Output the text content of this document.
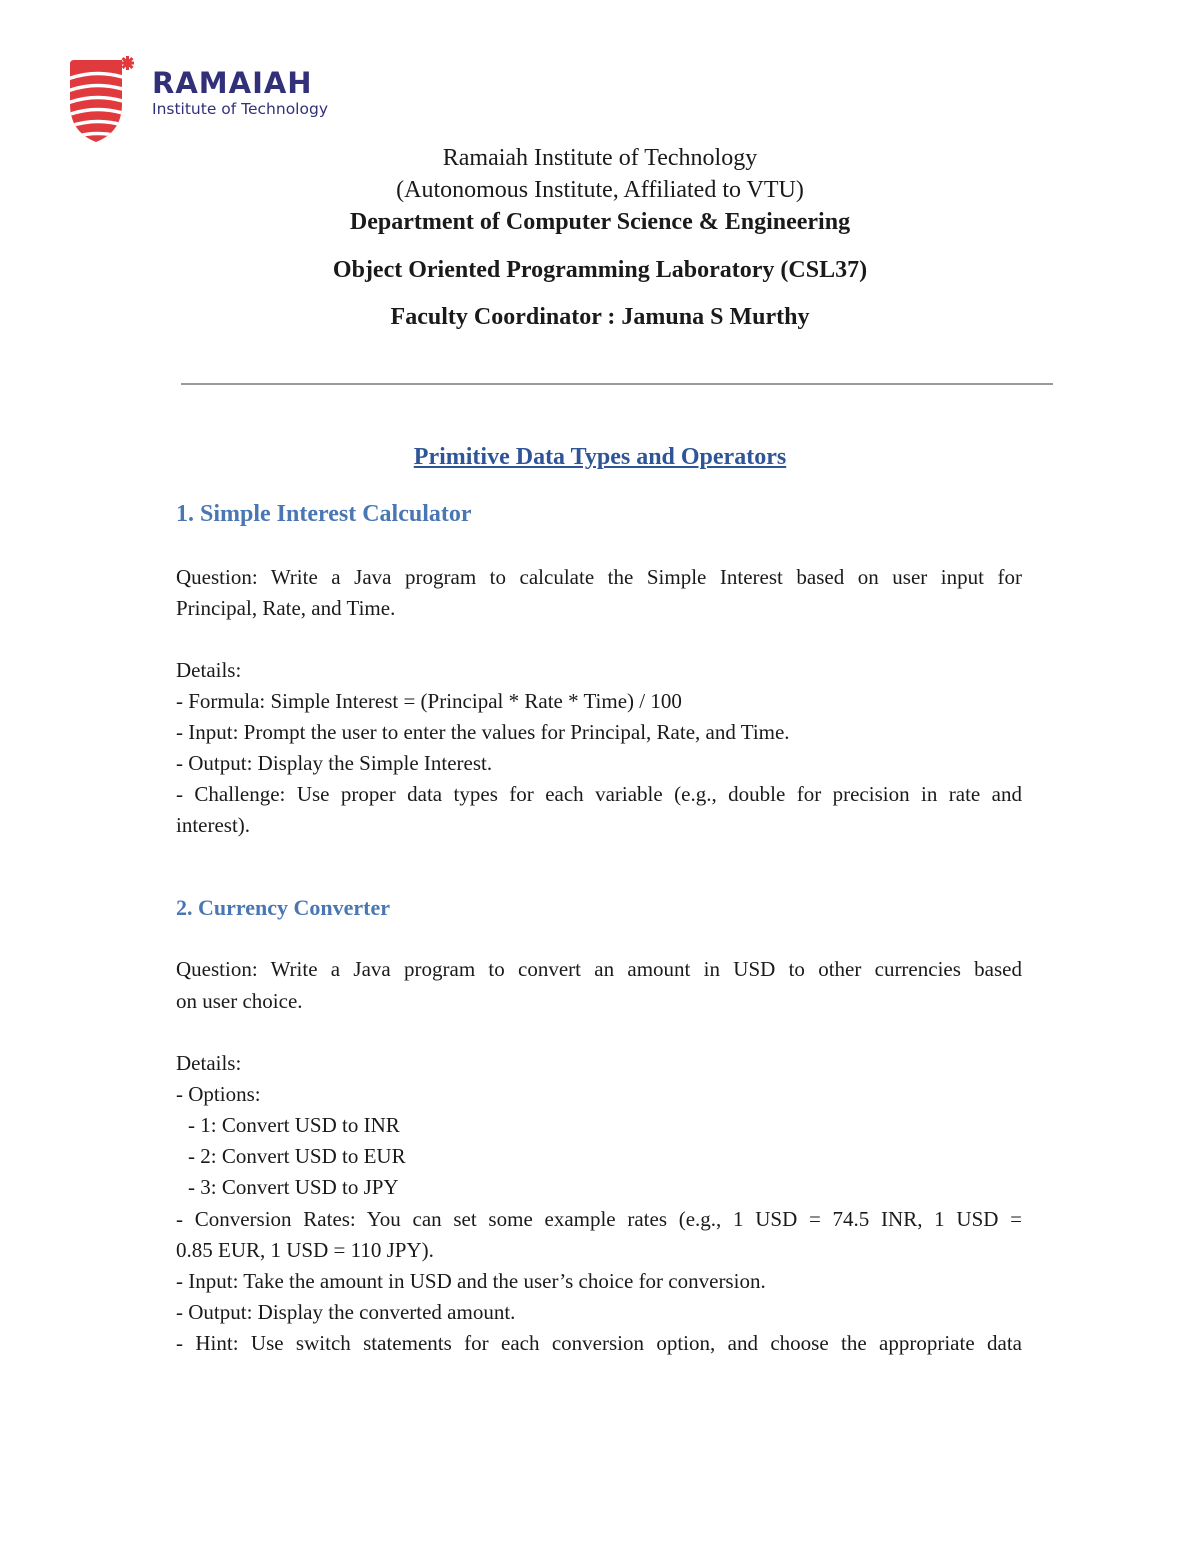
RAMAIAH
Institute of Technology

Ramaiah Institute of Technology

(Autonomous Institute, Affiliated to VTU)

Department of Computer Science & Engineering

Object Oriented Programming Laboratory (CSL37)

Faculty Coordinator : Jamuna S Murthy

Primitive Data Types and Operators

1. Simple Interest Calculator

Question: Write a Java program to calculate the Simple Interest based on user input for

Principal, Rate, and Time.

Details:

- Formula: Simple Interest = (Principal * Rate * Time) / 100

- Input: Prompt the user to enter the values for Principal, Rate, and Time.

- Output: Display the Simple Interest.

- Challenge: Use proper data types for each variable (e.g., double for precision in rate and

interest).

2. Currency Converter

Question: Write a Java program to convert an amount in USD to other currencies based

on user choice.

Details:

- Options:

- 1: Convert USD to INR

- 2: Convert USD to EUR

- 3: Convert USD to JPY

- Conversion Rates: You can set some example rates (e.g., 1 USD = 74.5 INR, 1 USD =

0.85 EUR, 1 USD = 110 JPY).

- Input: Take the amount in USD and the user’s choice for conversion.

- Output: Display the converted amount.

- Hint: Use switch statements for each conversion option, and choose the appropriate data
